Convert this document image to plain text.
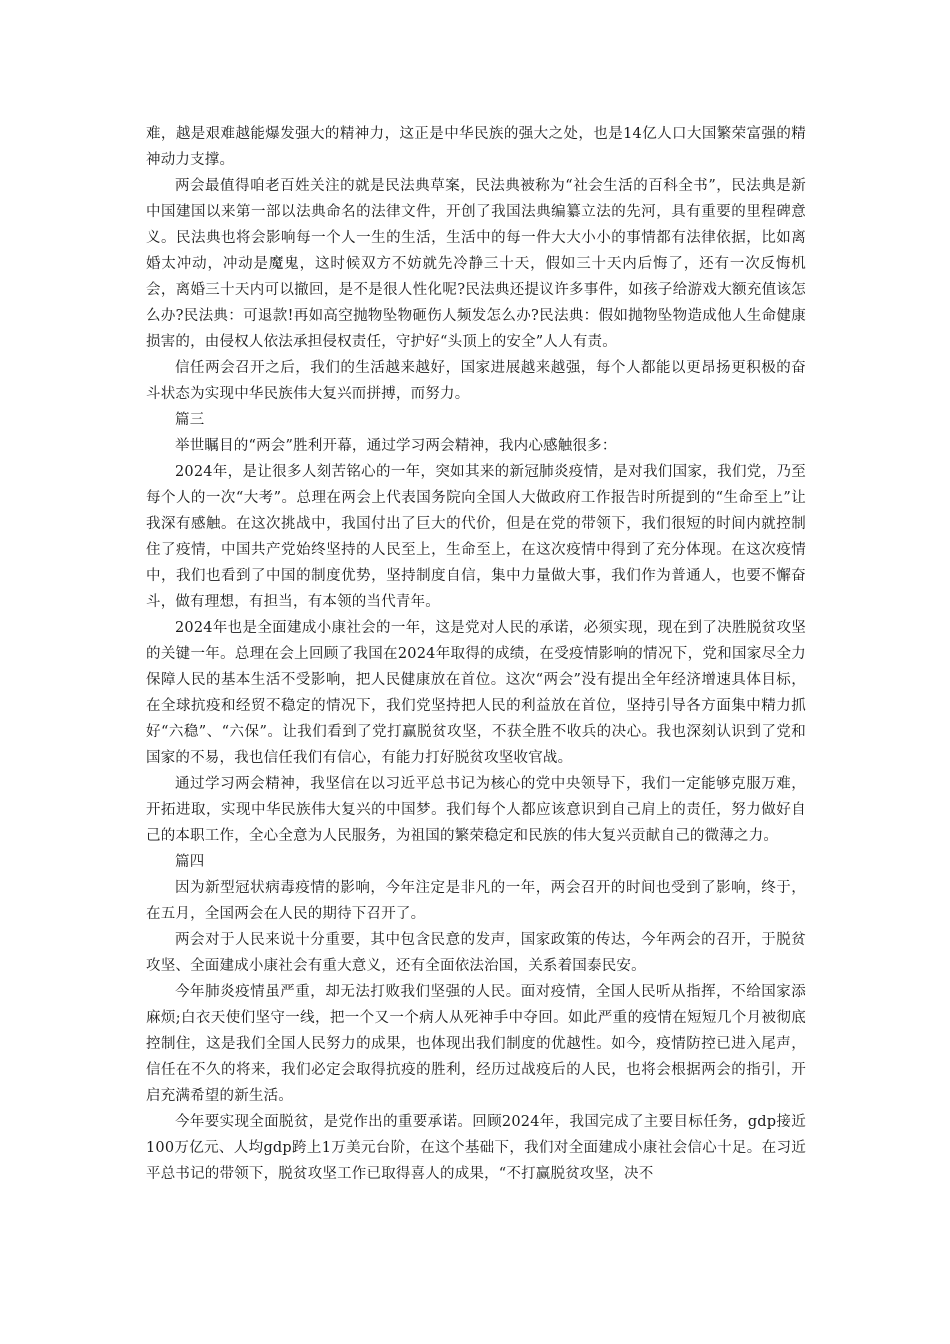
难，越是艰难越能爆发强大的精神力，这正是中华民族的强大之处，也是14亿人口大国繁荣富强的精神动力支撑。

两会最值得咱老百姓关注的就是民法典草案，民法典被称为“社会生活的百科全书”，民法典是新中国建国以来第一部以法典命名的法律文件，开创了我国法典编纂立法的先河，具有重要的里程碑意义。民法典也将会影响每一个人一生的生活，生活中的每一件大大小小的事情都有法律依据，比如离婚太冲动，冲动是魔鬼，这时候双方不妨就先冷静三十天，假如三十天内后悔了，还有一次反悔机会，离婚三十天内可以撤回，是不是很人性化呢?民法典还提议许多事件，如孩子给游戏大额充值该怎么办?民法典：可退款!再如高空抛物坠物砸伤人频发怎么办?民法典：假如抛物坠物造成他人生命健康损害的，由侵权人依法承担侵权责任，守护好“头顶上的安全”人人有责。

信任两会召开之后，我们的生活越来越好，国家进展越来越强，每个人都能以更昂扬更积极的奋斗状态为实现中华民族伟大复兴而拼搏，而努力。

篇三

举世瞩目的“两会”胜利开幕，通过学习两会精神，我内心感触很多：

2024年，是让很多人刻苦铭心的一年，突如其来的新冠肺炎疫情，是对我们国家，我们党，乃至每个人的一次“大考”。总理在两会上代表国务院向全国人大做政府工作报告时所提到的“生命至上”让我深有感触。在这次挑战中，我国付出了巨大的代价，但是在党的带领下，我们很短的时间内就控制住了疫情，中国共产党始终坚持的人民至上，生命至上，在这次疫情中得到了充分体现。在这次疫情中，我们也看到了中国的制度优势，坚持制度自信，集中力量做大事，我们作为普通人，也要不懈奋斗，做有理想，有担当，有本领的当代青年。

2024年也是全面建成小康社会的一年，这是党对人民的承诺，必须实现，现在到了决胜脱贫攻坚的关键一年。总理在会上回顾了我国在2024年取得的成绩，在受疫情影响的情况下，党和国家尽全力保障人民的基本生活不受影响，把人民健康放在首位。这次“两会”没有提出全年经济增速具体目标，在全球抗疫和经贸不稳定的情况下，我们党坚持把人民的利益放在首位，坚持引导各方面集中精力抓好“六稳”、“六保”。让我们看到了党打赢脱贫攻坚，不获全胜不收兵的决心。我也深刻认识到了党和国家的不易，我也信任我们有信心，有能力打好脱贫攻坚收官战。

通过学习两会精神，我坚信在以习近平总书记为核心的党中央领导下，我们一定能够克服万难，开拓进取，实现中华民族伟大复兴的中国梦。我们每个人都应该意识到自己肩上的责任，努力做好自己的本职工作，全心全意为人民服务，为祖国的繁荣稳定和民族的伟大复兴贡献自己的微薄之力。

篇四

因为新型冠状病毒疫情的影响，今年注定是非凡的一年，两会召开的时间也受到了影响，终于，在五月，全国两会在人民的期待下召开了。

两会对于人民来说十分重要，其中包含民意的发声，国家政策的传达，今年两会的召开，于脱贫攻坚、全面建成小康社会有重大意义，还有全面依法治国，关系着国泰民安。

今年肺炎疫情虽严重，却无法打败我们坚强的人民。面对疫情，全国人民听从指挥，不给国家添麻烦;白衣天使们坚守一线，把一个又一个病人从死神手中夺回。如此严重的疫情在短短几个月被彻底控制住，这是我们全国人民努力的成果，也体现出我们制度的优越性。如今，疫情防控已进入尾声，信任在不久的将来，我们必定会取得抗疫的胜利，经历过战疫后的人民，也将会根据两会的指引，开启充满希望的新生活。

今年要实现全面脱贫，是党作出的重要承诺。回顾2024年，我国完成了主要目标任务，gdp接近100万亿元、人均gdp跨上1万美元台阶，在这个基础下，我们对全面建成小康社会信心十足。在习近平总书记的带领下，脱贫攻坚工作已取得喜人的成果，“不打赢脱贫攻坚，决不
